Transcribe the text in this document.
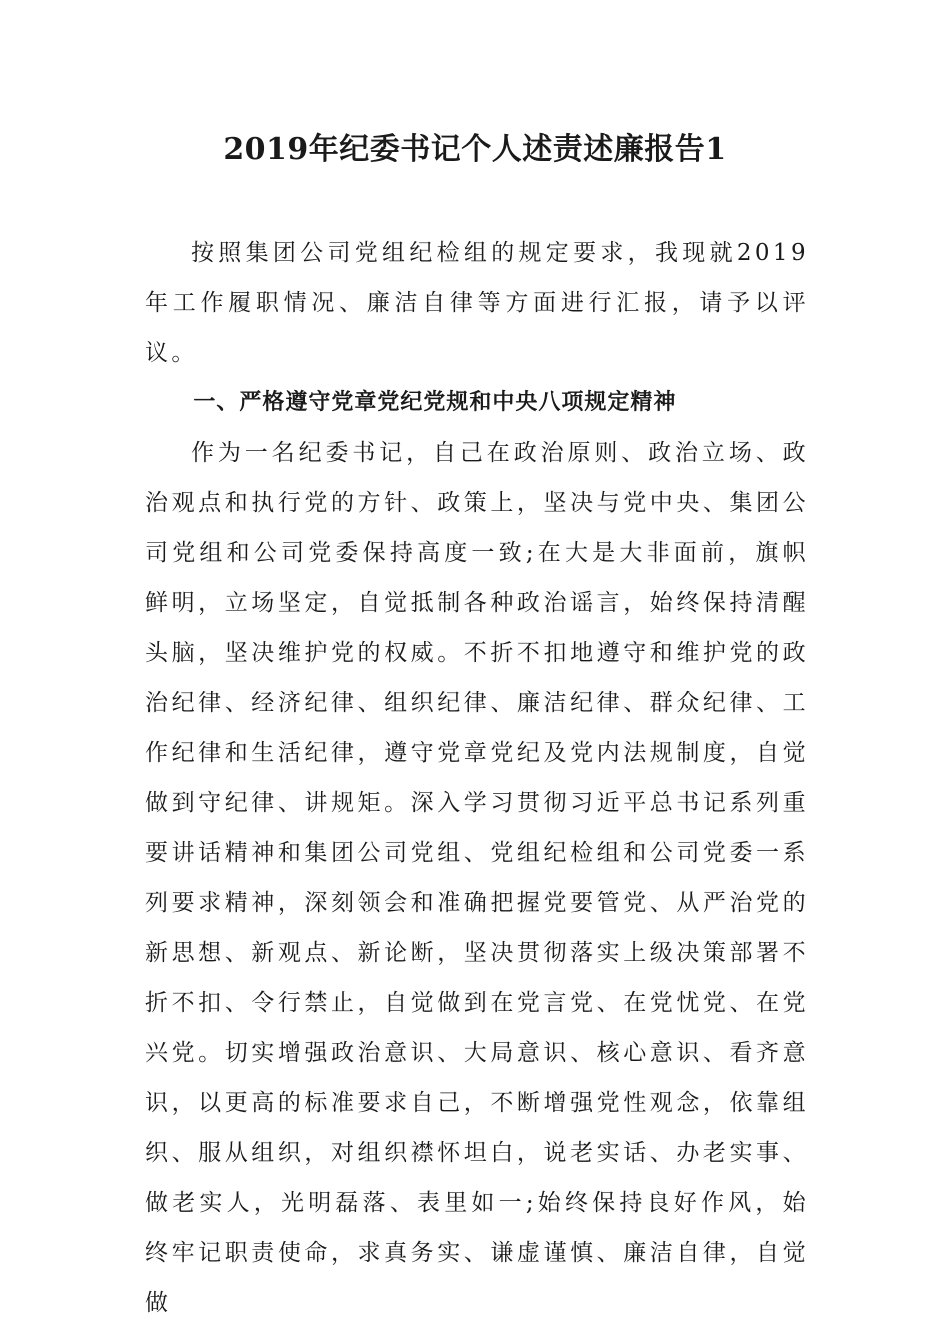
2019年纪委书记个人述责述廉报告1

按照集团公司党组纪检组的规定要求，我现就2019年工作履职情况、廉洁自律等方面进行汇报，请予以评议。

一、严格遵守党章党纪党规和中央八项规定精神

作为一名纪委书记，自己在政治原则、政治立场、政治观点和执行党的方针、政策上，坚决与党中央、集团公司党组和公司党委保持高度一致;在大是大非面前，旗帜鲜明，立场坚定，自觉抵制各种政治谣言，始终保持清醒头脑，坚决维护党的权威。不折不扣地遵守和维护党的政治纪律、经济纪律、组织纪律、廉洁纪律、群众纪律、工作纪律和生活纪律，遵守党章党纪及党内法规制度，自觉做到守纪律、讲规矩。深入学习贯彻习近平总书记系列重要讲话精神和集团公司党组、党组纪检组和公司党委一系列要求精神，深刻领会和准确把握党要管党、从严治党的新思想、新观点、新论断，坚决贯彻落实上级决策部署不折不扣、令行禁止，自觉做到在党言党、在党忧党、在党兴党。切实增强政治意识、大局意识、核心意识、看齐意识，以更高的标准要求自己，不断增强党性观念，依靠组织、服从组织，对组织襟怀坦白，说老实话、办老实事、做老实人，光明磊落、表里如一;始终保持良好作风，始终牢记职责使命，求真务实、谦虚谨慎、廉洁自律，自觉做
